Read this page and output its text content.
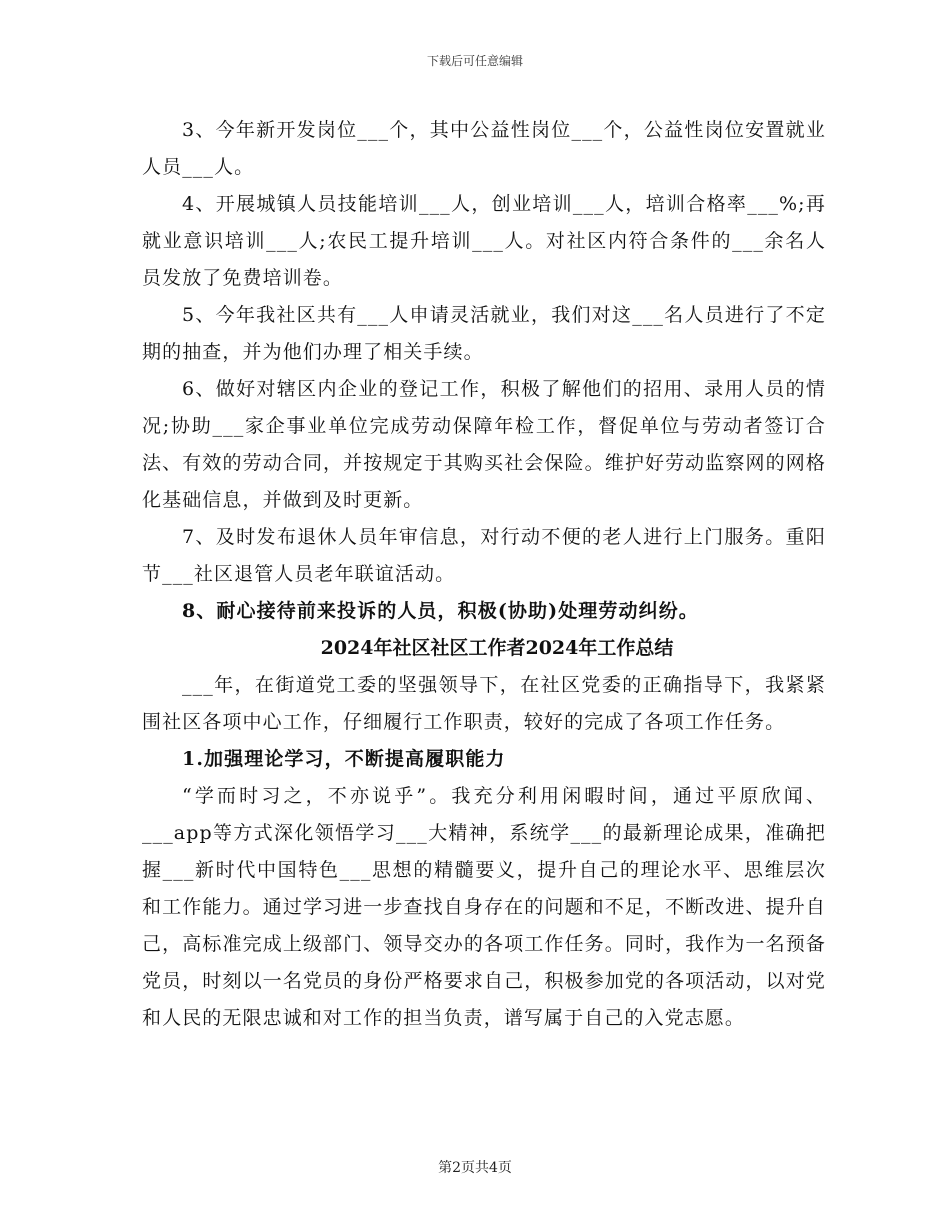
下载后可任意编辑

3、今年新开发岗位___个，其中公益性岗位___个，公益性岗位安置就业人员___人。

4、开展城镇人员技能培训___人，创业培训___人，培训合格率___%;再就业意识培训___人;农民工提升培训___人。对社区内符合条件的___余名人员发放了免费培训卷。

5、今年我社区共有___人申请灵活就业，我们对这___名人员进行了不定期的抽查，并为他们办理了相关手续。

6、做好对辖区内企业的登记工作，积极了解他们的招用、录用人员的情况;协助___家企事业单位完成劳动保障年检工作，督促单位与劳动者签订合法、有效的劳动合同，并按规定于其购买社会保险。维护好劳动监察网的网格化基础信息，并做到及时更新。

7、及时发布退休人员年审信息，对行动不便的老人进行上门服务。重阳节___社区退管人员老年联谊活动。

8、耐心接待前来投诉的人员，积极(协助)处理劳动纠纷。

2024年社区社区工作者2024年工作总结

___年，在街道党工委的坚强领导下，在社区党委的正确指导下，我紧紧围社区各项中心工作，仔细履行工作职责，较好的完成了各项工作任务。

1.加强理论学习，不断提高履职能力

“学而时习之，不亦说乎”。我充分利用闲暇时间，通过平原欣闻、___app等方式深化领悟学习___大精神，系统学___的最新理论成果，准确把握___新时代中国特色___思想的精髓要义，提升自己的理论水平、思维层次和工作能力。通过学习进一步查找自身存在的问题和不足，不断改进、提升自己，高标准完成上级部门、领导交办的各项工作任务。同时，我作为一名预备党员，时刻以一名党员的身份严格要求自己，积极参加党的各项活动，以对党和人民的无限忠诚和对工作的担当负责，谱写属于自己的入党志愿。

第2页共4页
